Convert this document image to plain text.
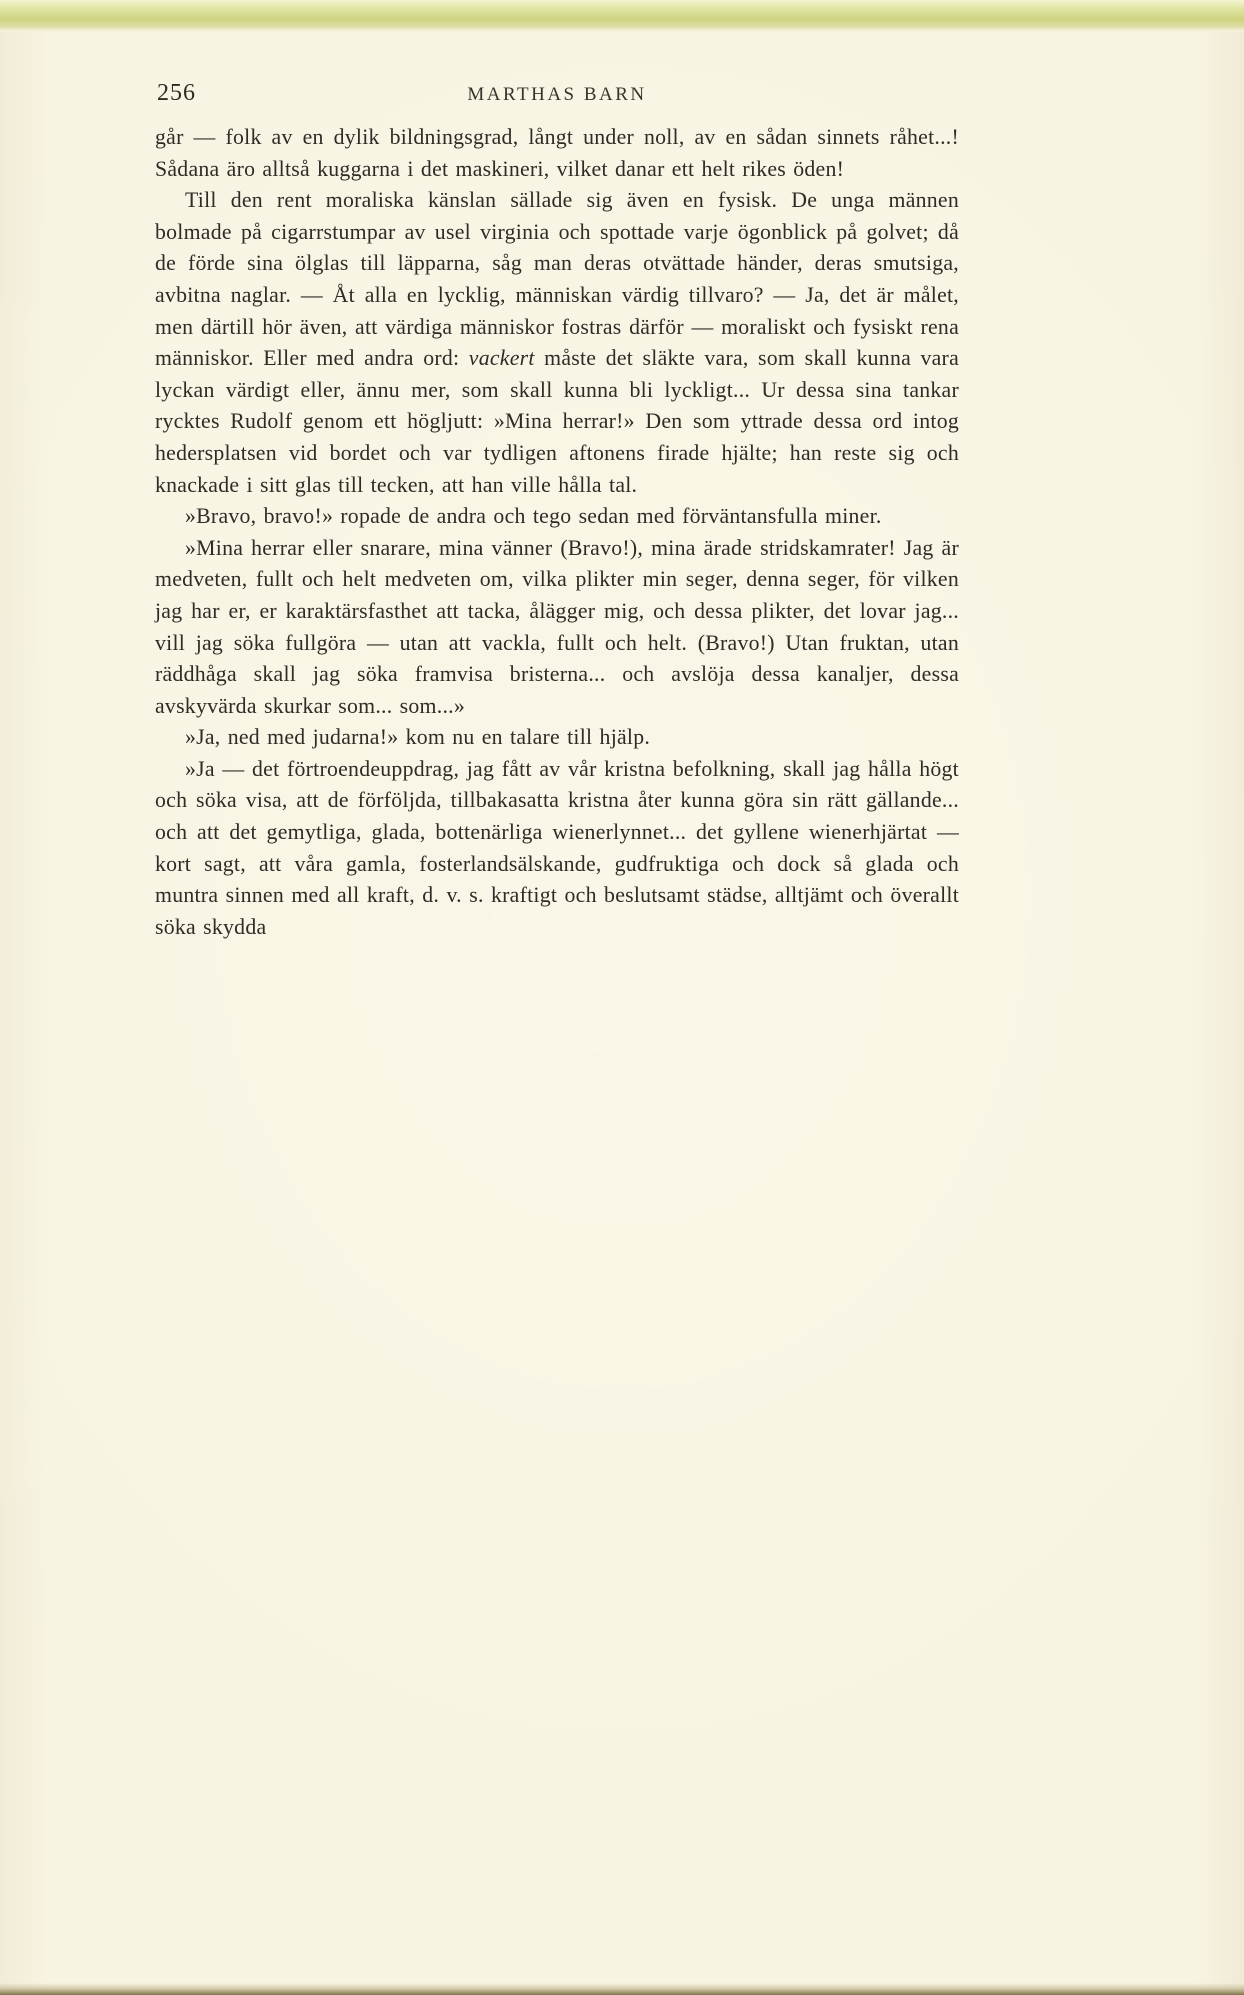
256	MARTHAS BARN

går — folk av en dylik bildningsgrad, långt under noll, av en sådan sinnets råhet...! Sådana äro alltså kuggarna i det maskineri, vilket danar ett helt rikes öden!

Till den rent moraliska känslan sällade sig även en fysisk. De unga männen bolmade på cigarrstumpar av usel virginia och spottade varje ögonblick på golvet; då de förde sina ölglas till läpparna, såg man deras otvättade händer, deras smutsiga, avbitna naglar. — Åt alla en lycklig, människan värdig tillvaro? — Ja, det är målet, men därtill hör även, att värdiga människor fostras därför — moraliskt och fysiskt rena människor. Eller med andra ord: vackert måste det släkte vara, som skall kunna vara lyckan värdigt eller, ännu mer, som skall kunna bli lyckligt... Ur dessa sina tankar rycktes Rudolf genom ett högljutt: »Mina herrar!» Den som yttrade dessa ord intog hedersplatsen vid bordet och var tydligen aftonens firade hjälte; han reste sig och knackade i sitt glas till tecken, att han ville hålla tal.

»Bravo, bravo!» ropade de andra och tego sedan med förväntansfulla miner.

»Mina herrar eller snarare, mina vänner (Bravo!), mina ärade stridskamrater! Jag är medveten, fullt och helt medveten om, vilka plikter min seger, denna seger, för vilken jag har er, er karaktärsfasthet att tacka, ålägger mig, och dessa plikter, det lovar jag... vill jag söka fullgöra — utan att vackla, fullt och helt. (Bravo!) Utan fruktan, utan räddhåga skall jag söka framvisa bristerna... och avslöja dessa kanaljer, dessa avskyvärda skurkar som... som...»

»Ja, ned med judarna!» kom nu en talare till hjälp.

»Ja — det förtroendeuppdrag, jag fått av vår kristna befolkning, skall jag hålla högt och söka visa, att de förföljda, tillbakasatta kristna åter kunna göra sin rätt gällande... och att det gemytliga, glada, bottenärliga wienerlynnet... det gyllene wienerhjärtat — kort sagt, att våra gamla, fosterlandsälskande, gudfruktiga och dock så glada och muntra sinnen med all kraft, d. v. s. kraftigt och beslutsamt städse, alltjämt och överallt söka skydda
